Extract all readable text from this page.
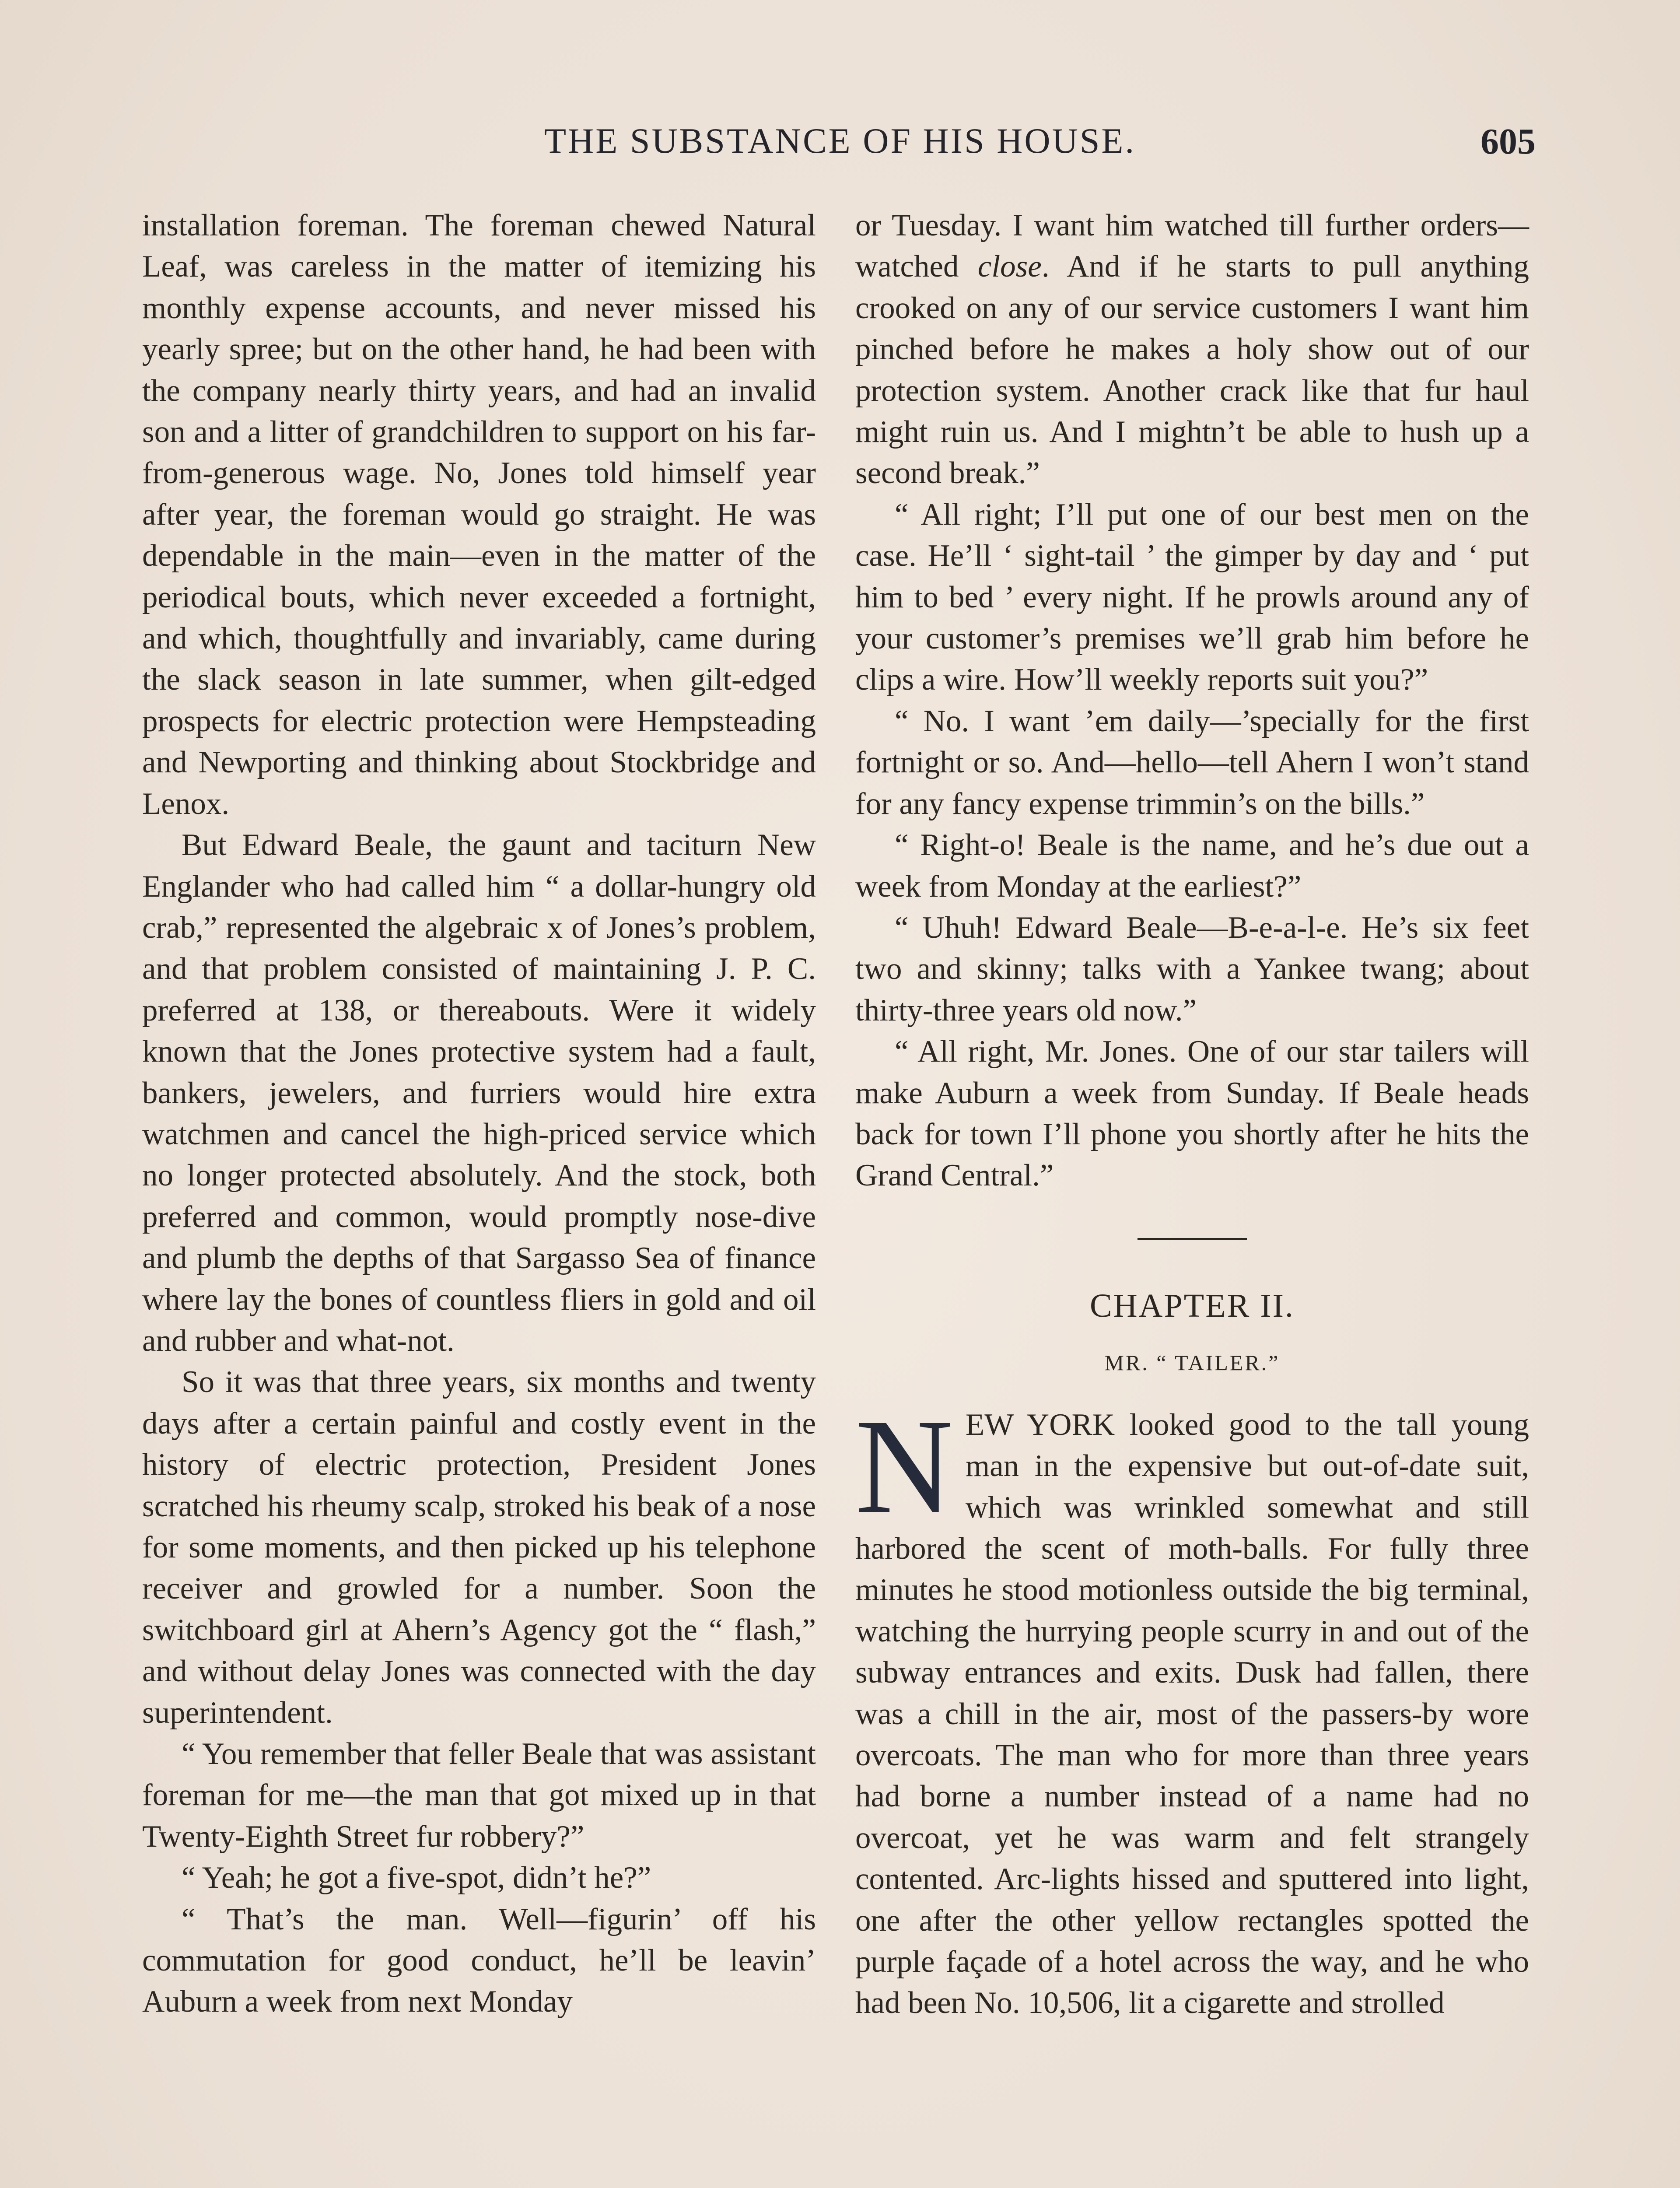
THE SUBSTANCE OF HIS HOUSE.	605

installation foreman. The foreman chewed Natural Leaf, was careless in the matter of itemizing his monthly expense accounts, and never missed his yearly spree; but on the other hand, he had been with the company nearly thirty years, and had an invalid son and a litter of grandchildren to support on his far-from-generous wage. No, Jones told himself year after year, the foreman would go straight. He was dependable in the main—even in the matter of the periodical bouts, which never exceeded a fortnight, and which, thoughtfully and invariably, came during the slack season in late summer, when gilt-edged prospects for electric protection were Hempsteading and Newporting and thinking about Stockbridge and Lenox.

But Edward Beale, the gaunt and taciturn New Englander who had called him “ a dollar-hungry old crab,” represented the algebraic x of Jones’s problem, and that problem consisted of maintaining J. P. C. preferred at 138, or thereabouts. Were it widely known that the Jones protective system had a fault, bankers, jewelers, and furriers would hire extra watchmen and cancel the high-priced service which no longer protected absolutely. And the stock, both preferred and common, would promptly nose-dive and plumb the depths of that Sargasso Sea of finance where lay the bones of countless fliers in gold and oil and rubber and what-not.

So it was that three years, six months and twenty days after a certain painful and costly event in the history of electric protection, President Jones scratched his rheumy scalp, stroked his beak of a nose for some moments, and then picked up his telephone receiver and growled for a number. Soon the switchboard girl at Ahern’s Agency got the “ flash,” and without delay Jones was connected with the day superintendent.

“ You remember that feller Beale that was assistant foreman for me—the man that got mixed up in that Twenty-Eighth Street fur robbery?”

“ Yeah; he got a five-spot, didn’t he?”

“ That’s the man. Well—figurin’ off his commutation for good conduct, he’ll be leavin’ Auburn a week from next Monday

or Tuesday. I want him watched till further orders—watched close. And if he starts to pull anything crooked on any of our service customers I want him pinched before he makes a holy show out of our protection system. Another crack like that fur haul might ruin us. And I mightn’t be able to hush up a second break.”

“ All right; I’ll put one of our best men on the case. He’ll ‘ sight-tail ’ the gimper by day and ‘ put him to bed ’ every night. If he prowls around any of your customer’s premises we’ll grab him before he clips a wire. How’ll weekly reports suit you?”

“ No. I want ’em daily—’specially for the first fortnight or so. And—hello—tell Ahern I won’t stand for any fancy expense trimmin’s on the bills.”

“ Right-o! Beale is the name, and he’s due out a week from Monday at the earliest?”

“ Uhuh! Edward Beale—B-e-a-l-e. He’s six feet two and skinny; talks with a Yankee twang; about thirty-three years old now.”

“ All right, Mr. Jones. One of our star tailers will make Auburn a week from Sunday. If Beale heads back for town I’ll phone you shortly after he hits the Grand Central.”

CHAPTER II.
MR. “ TAILER.”

NEW YORK looked good to the tall young man in the expensive but out-of-date suit, which was wrinkled somewhat and still harbored the scent of moth-balls. For fully three minutes he stood motionless outside the big terminal, watching the hurrying people scurry in and out of the subway entrances and exits. Dusk had fallen, there was a chill in the air, most of the passers-by wore overcoats. The man who for more than three years had borne a number instead of a name had no overcoat, yet he was warm and felt strangely contented. Arc-lights hissed and sputtered into light, one after the other yellow rectangles spotted the purple façade of a hotel across the way, and he who had been No. 10,506, lit a cigarette and strolled
